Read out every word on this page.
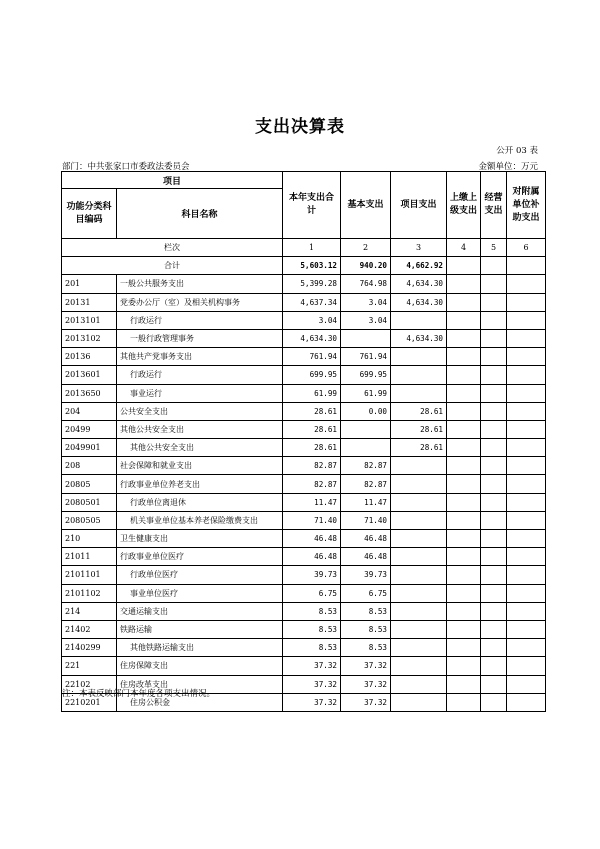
支出决算表
公开 03 表
部门：中共张家口市委政法委员会	金额单位：万元
项目		本年支出合计	基本支出	项目支出	上缴上级支出	经营支出	对附属单位补助支出
功能分类科目编码	科目名称						
栏次		1	2	3	4	5	6
合计		5,603.12	940.20	4,662.92			
201	一般公共服务支出	5,399.28	764.98	4,634.30			
20131	党委办公厅（室）及相关机构事务	4,637.34	3.04	4,634.30			
2013101	行政运行	3.04	3.04				
2013102	一般行政管理事务	4,634.30		4,634.30			
20136	其他共产党事务支出	761.94	761.94				
2013601	行政运行	699.95	699.95				
2013650	事业运行	61.99	61.99				
204	公共安全支出	28.61	0.00	28.61			
20499	其他公共安全支出	28.61		28.61			
2049901	其他公共安全支出	28.61		28.61			
208	社会保障和就业支出	82.87	82.87				
20805	行政事业单位养老支出	82.87	82.87				
2080501	行政单位离退休	11.47	11.47				
2080505	机关事业单位基本养老保险缴费支出	71.40	71.40				
210	卫生健康支出	46.48	46.48				
21011	行政事业单位医疗	46.48	46.48				
2101101	行政单位医疗	39.73	39.73				
2101102	事业单位医疗	6.75	6.75				
214	交通运输支出	8.53	8.53				
21402	铁路运输	8.53	8.53				
2140299	其他铁路运输支出	8.53	8.53				
221	住房保障支出	37.32	37.32				
22102	住房改革支出	37.32	37.32				
2210201	住房公积金	37.32	37.32				
注：本表反映部门本年度各项支出情况。
